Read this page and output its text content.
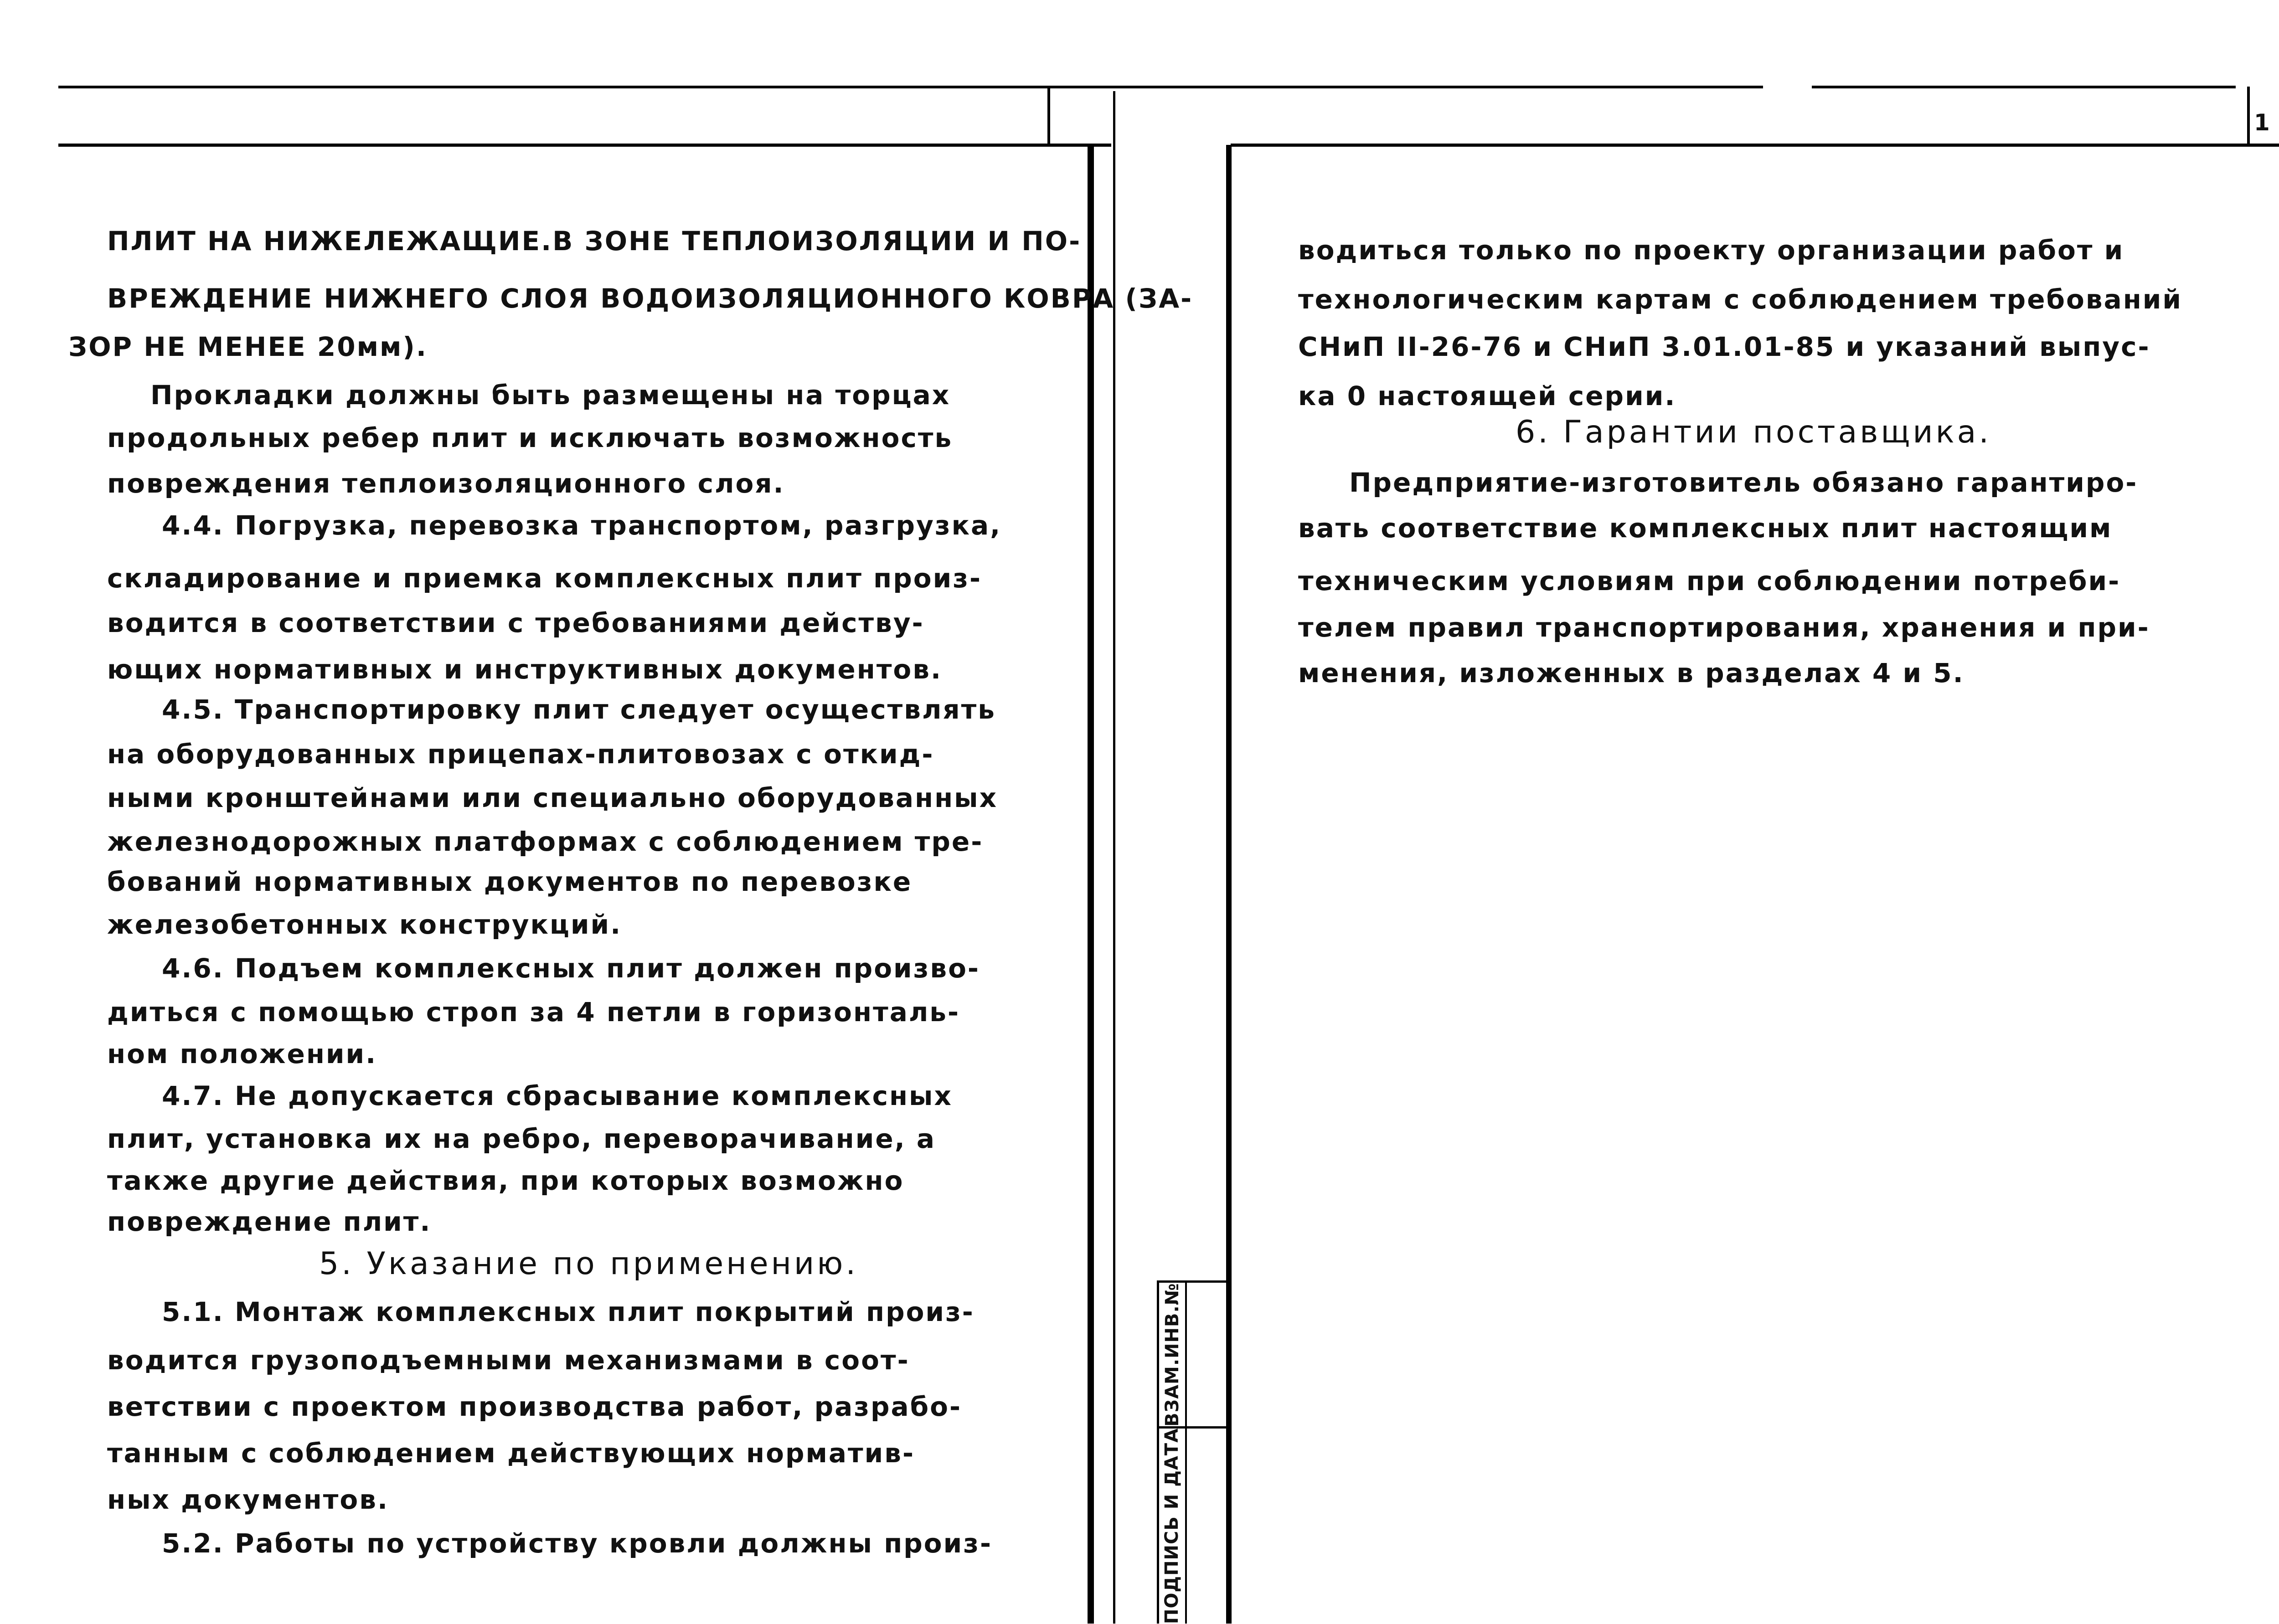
ВЗАМ.ИНВ.№
ПОДПИСЬ И ДАТА
1
ПЛИТ НА НИЖЕЛЕЖАЩИЕ.В ЗОНЕ ТЕПЛОИЗОЛЯЦИИ И ПО-
ВРЕЖДЕНИЕ НИЖНЕГО СЛОЯ ВОДОИЗОЛЯЦИОННОГО КОВРА (ЗА-
ЗОР НЕ МЕНЕЕ 20мм).
Прокладки должны быть размещены на торцах
продольных ребер плит и исключать возможность
повреждения теплоизоляционного слоя.
4.4. Погрузка, перевозка транспортом, разгрузка,
складирование и приемка комплексных плит произ-
водится в соответствии с требованиями действу-
ющих нормативных и инструктивных документов.
4.5. Транспортировку плит следует осуществлять
на оборудованных прицепах-плитовозах с откид-
ными кронштейнами или специально оборудованных
железнодорожных платформах с соблюдением тре-
бований нормативных документов по перевозке
железобетонных конструкций.
4.6. Подъем комплексных плит должен произво-
диться с помощью строп за 4 петли в горизонталь-
ном положении.
4.7. Не допускается сбрасывание комплексных
плит, установка их на ребро, переворачивание, а
также другие действия, при которых возможно
повреждение плит.
5. Указание по применению.
5.1. Монтаж комплексных плит покрытий произ-
водится грузоподъемными механизмами в соот-
ветствии с проектом производства работ, разрабо-
танным с соблюдением действующих норматив-
ных документов.
5.2. Работы по устройству кровли должны произ-
водиться только по проекту организации работ и
технологическим картам с соблюдением требований
СНиП II-26-76 и СНиП 3.01.01-85 и указаний выпус-
ка 0 настоящей серии.
6. Гарантии поставщика.
Предприятие-изготовитель обязано гарантиро-
вать соответствие комплексных плит настоящим
техническим условиям при соблюдении потреби-
телем правил транспортирования, хранения и при-
менения, изложенных в разделах 4 и 5.
